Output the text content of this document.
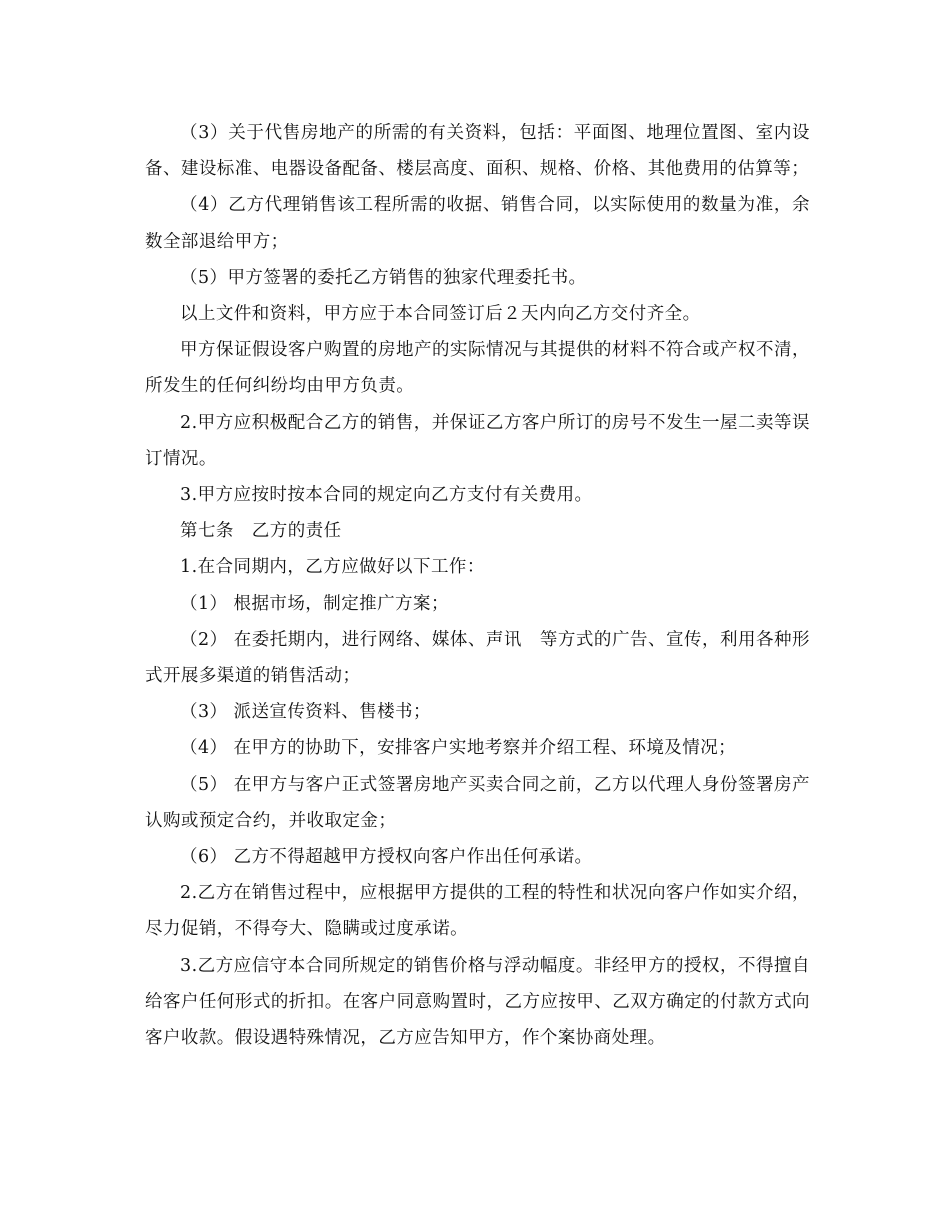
（3）关于代售房地产的所需的有关资料，包括：平面图、地理位置图、室内设备、建设标准、电器设备配备、楼层高度、面积、规格、价格、其他费用的估算等；

（4）乙方代理销售该工程所需的收据、销售合同，以实际使用的数量为准，余数全部退给甲方；

（5）甲方签署的委托乙方销售的独家代理委托书。

以上文件和资料，甲方应于本合同签订后２天内向乙方交付齐全。

甲方保证假设客户购置的房地产的实际情况与其提供的材料不符合或产权不清，所发生的任何纠纷均由甲方负责。

2.甲方应积极配合乙方的销售，并保证乙方客户所订的房号不发生一屋二卖等误订情况。

3.甲方应按时按本合同的规定向乙方支付有关费用。

第七条　乙方的责任

1.在合同期内，乙方应做好以下工作：

（1） 根据市场，制定推广方案；

（2） 在委托期内，进行网络、媒体、声讯　等方式的广告、宣传，利用各种形式开展多渠道的销售活动；

（3） 派送宣传资料、售楼书；

（4） 在甲方的协助下，安排客户实地考察并介绍工程、环境及情况；

（5） 在甲方与客户正式签署房地产买卖合同之前，乙方以代理人身份签署房产认购或预定合约，并收取定金；

（6） 乙方不得超越甲方授权向客户作出任何承诺。

2.乙方在销售过程中，应根据甲方提供的工程的特性和状况向客户作如实介绍，尽力促销，不得夸大、隐瞒或过度承诺。

3.乙方应信守本合同所规定的销售价格与浮动幅度。非经甲方的授权，不得擅自给客户任何形式的折扣。在客户同意购置时，乙方应按甲、乙双方确定的付款方式向客户收款。假设遇特殊情况，乙方应告知甲方，作个案协商处理。
